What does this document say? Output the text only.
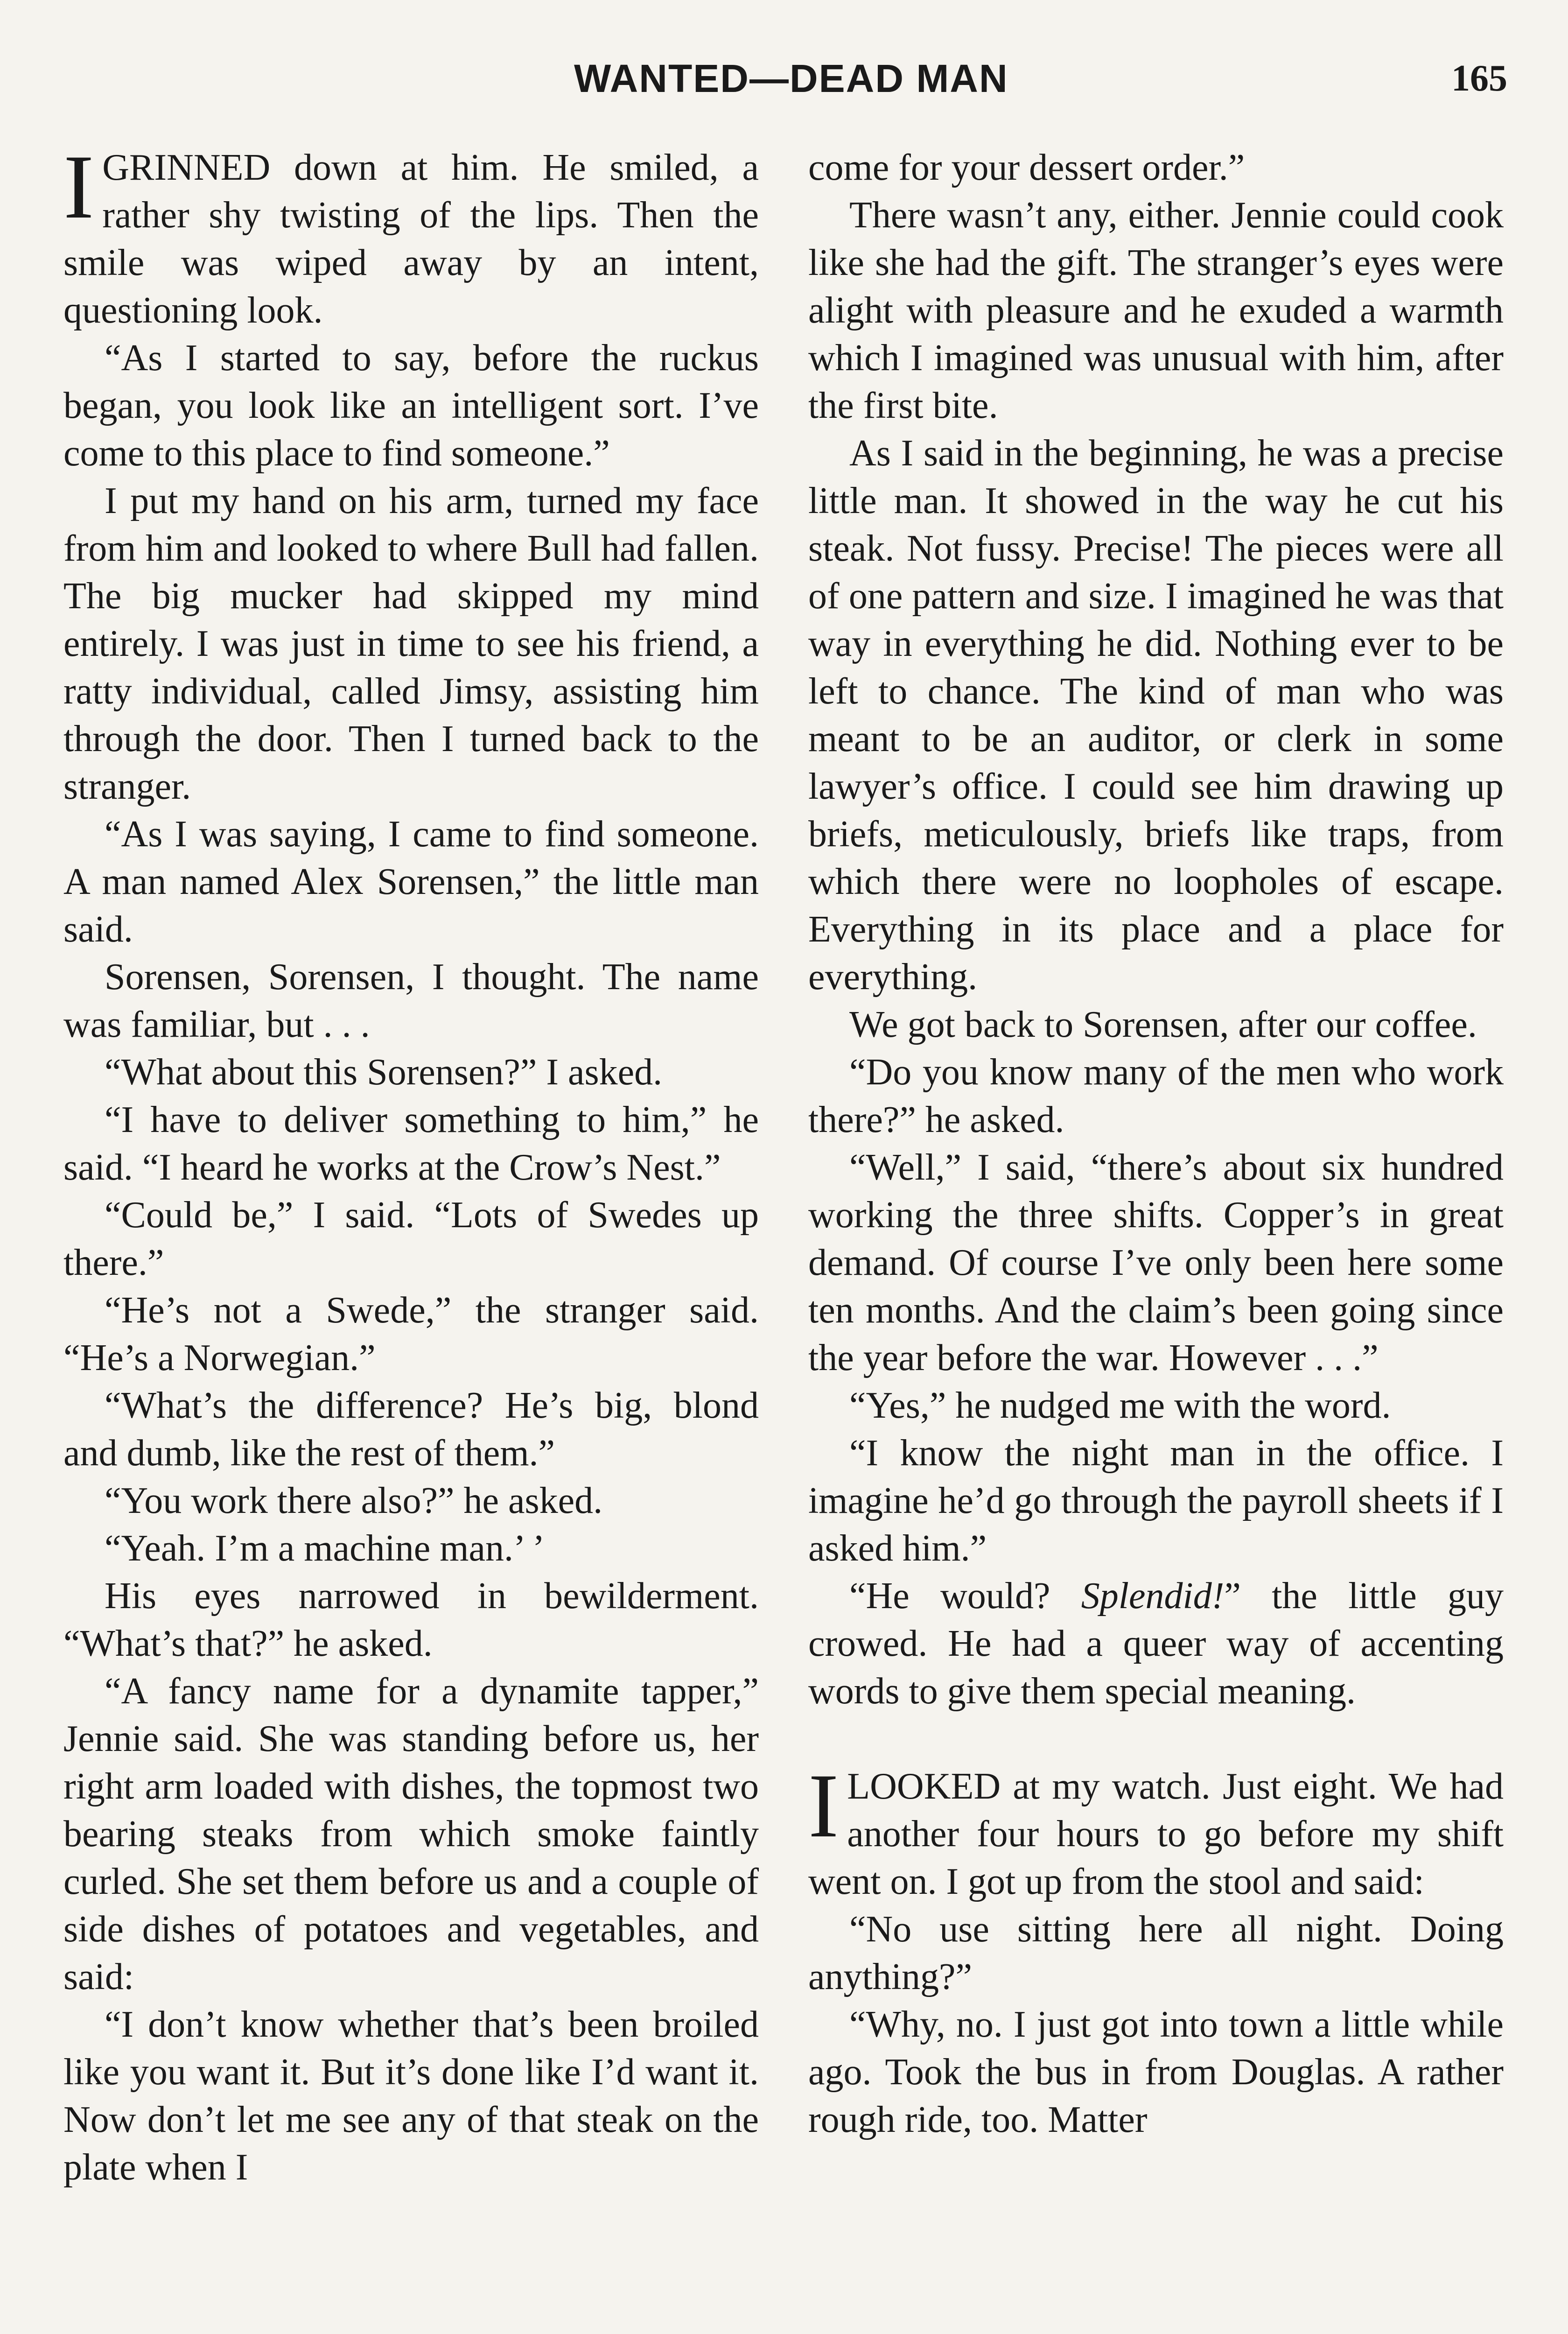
WANTED—DEAD MAN	165

I GRINNED down at him. He smiled, a rather shy twisting of the lips. Then the smile was wiped away by an intent, questioning look.

“As I started to say, before the ruckus began, you look like an intelligent sort. I’ve come to this place to find someone.”

I put my hand on his arm, turned my face from him and looked to where Bull had fallen. The big mucker had skipped my mind entirely. I was just in time to see his friend, a ratty individual, called Jimsy, assisting him through the door. Then I turned back to the stranger.

“As I was saying, I came to find someone. A man named Alex Sorensen,” the little man said.

Sorensen, Sorensen, I thought. The name was familiar, but . . .

“What about this Sorensen?” I asked.

“I have to deliver something to him,” he said. “I heard he works at the Crow’s Nest.”

“Could be,” I said. “Lots of Swedes up there.”

“He’s not a Swede,” the stranger said. “He’s a Norwegian.”

“What’s the difference? He’s big, blond and dumb, like the rest of them.”

“You work there also?” he asked.

“Yeah. I’m a machine man.’ ’

His eyes narrowed in bewilderment. “What’s that?” he asked.

“A fancy name for a dynamite tapper,” Jennie said. She was standing before us, her right arm loaded with dishes, the topmost two bearing steaks from which smoke faintly curled. She set them before us and a couple of side dishes of potatoes and vegetables, and said:

“I don’t know whether that’s been broiled like you want it. But it’s done like I’d want it. Now don’t let me see any of that steak on the plate when I

come for your dessert order.”

There wasn’t any, either. Jennie could cook like she had the gift. The stranger’s eyes were alight with pleasure and he exuded a warmth which I imagined was unusual with him, after the first bite.

As I said in the beginning, he was a precise little man. It showed in the way he cut his steak. Not fussy. Precise! The pieces were all of one pattern and size. I imagined he was that way in everything he did. Nothing ever to be left to chance. The kind of man who was meant to be an auditor, or clerk in some lawyer’s office. I could see him drawing up briefs, meticulously, briefs like traps, from which there were no loopholes of escape. Everything in its place and a place for everything.

We got back to Sorensen, after our coffee.

“Do you know many of the men who work there?” he asked.

“Well,” I said, “there’s about six hundred working the three shifts. Copper’s in great demand. Of course I’ve only been here some ten months. And the claim’s been going since the year before the war. However . . .”

“Yes,” he nudged me with the word.

“I know the night man in the office. I imagine he’d go through the payroll sheets if I asked him.”

“He would? Splendid!” the little guy crowed. He had a queer way of accenting words to give them special meaning.

I LOOKED at my watch. Just eight. We had another four hours to go before my shift went on. I got up from the stool and said:

“No use sitting here all night. Doing anything?”

“Why, no. I just got into town a little while ago. Took the bus in from Douglas. A rather rough ride, too. Matter
